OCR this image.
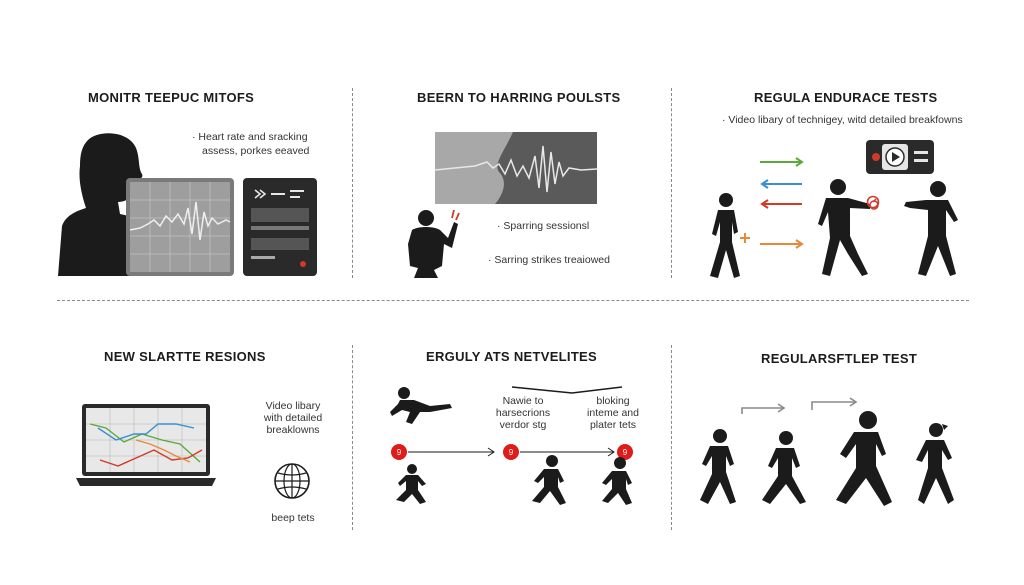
MONITR TEEPUC MITOFS
· Heart rate and sracking
assess, porkes eeaved
BEERN TO HARRING POULSTS
· Sparring sessionsl
· Sarring strikes treaiowed
REGULA ENDURACE TESTS
· Video libary of technigey, witd detailed breakfowns
NEW SLARTTE RESIONS
Video libary
with detailed
breaklowns
beep tets
ERGULY ATS NETVELITES
Nawie to
harsecrions
verdor stg
bloking
inteme and
plater tets
9	9	9
REGULARSFTLEP TEST
